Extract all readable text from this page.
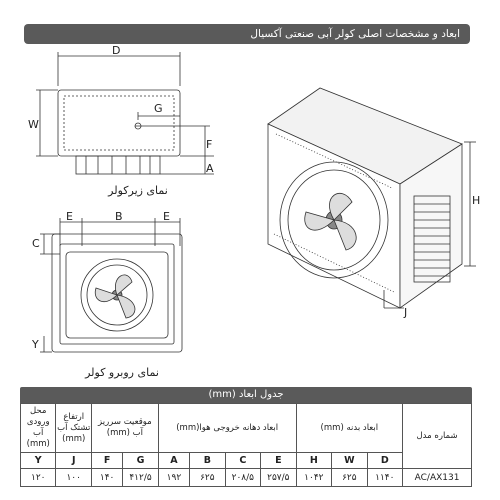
ابعاد و مشخصات اصلی کولر آبی صنعتی آکسیال
D
W
G
F
A
نمای زیرکولر
E	B	E
C
Y
نمای روبرو کولر
H
J
جدول ابعاد (mm)
محل ورودی آب (mm)	ارتفاع تشتک آب (mm)	موقعیت سرریز آب (mm)		ابعاد دهانه خروجی هوا(mm)				ابعاد بدنه (mm)			شماره مدل
Y	J	F	G	A	B	C	E	H	W	D	
۱۲۰	۱۰۰	۱۴۰	۴۱۲/۵	۱۹۲	۶۲۵	۲۰۸/۵	۲۵۷/۵	۱۰۴۲	۶۲۵	۱۱۴۰	AC/AX131
